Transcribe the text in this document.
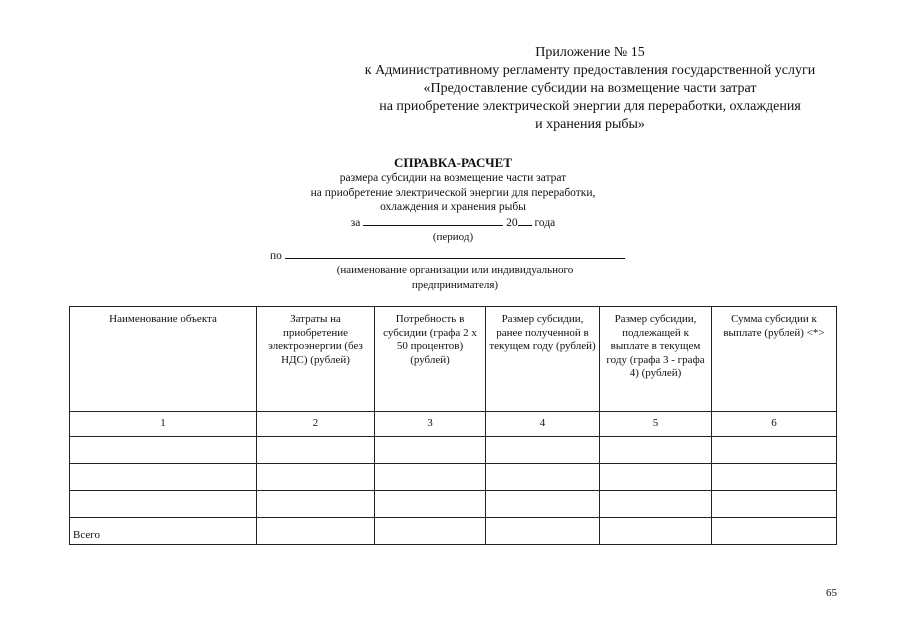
Приложение № 15
к Административному регламенту предоставления государственной услуги
«Предоставление субсидии на возмещение части затрат
на приобретение электрической энергии для переработки, охлаждения
и хранения рыбы»
СПРАВКА-РАСЧЕТ
размера субсидии на возмещение части затрат
на приобретение электрической энергии для переработки,
охлаждения и хранения рыбы
за	20 года
(период)
по
(наименование организации или индивидуального
предпринимателя)
Наименование объекта	Затраты на приобретение электроэнергии (без НДС) (рублей)	Потребность в субсидии (графа 2 x 50 процентов) (рублей)	Размер субсидии, ранее полученной в текущем году (рублей)	Размер субсидии, подлежащей к выплате в текущем году (графа 3 - графа 4) (рублей)	Сумма субсидии к выплате (рублей) <*>
1	2	3	4	5	6

Всего					
65
